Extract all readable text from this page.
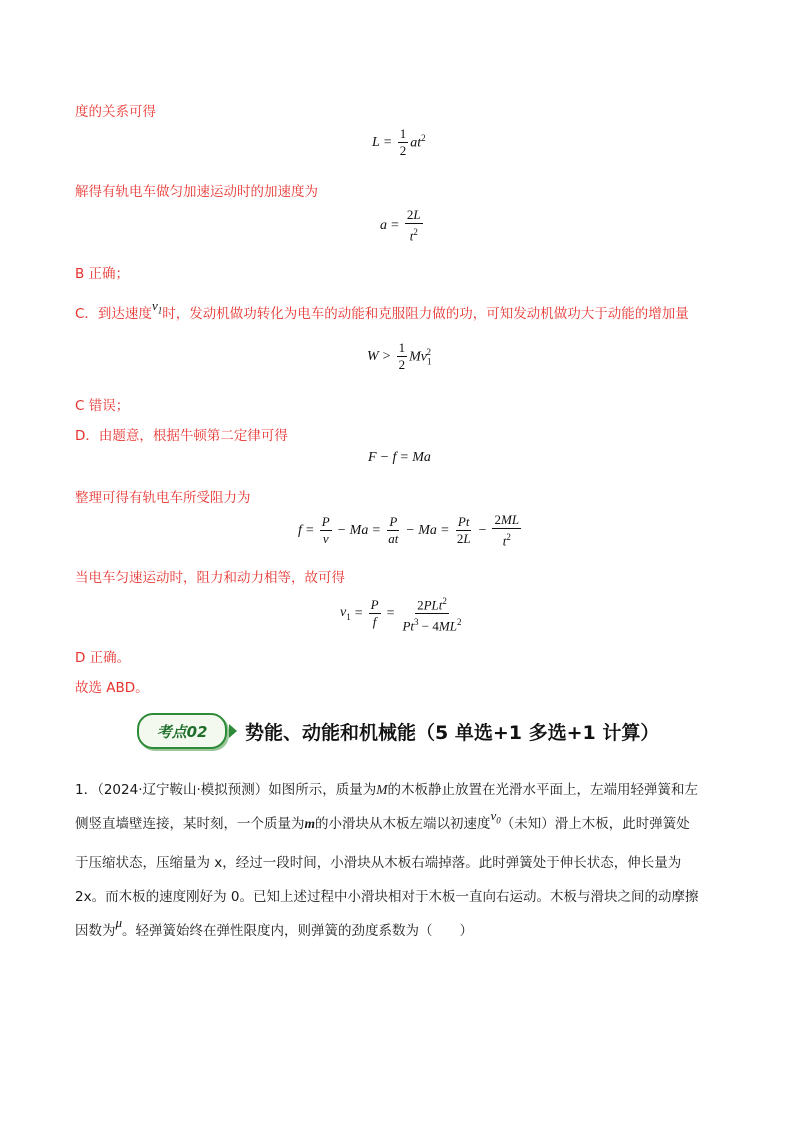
度的关系可得
$L = \frac{1}{2} at^2$
解得有轨电车做匀加速运动时的加速度为
$a = \frac{2L}{t^2}$
B 正确；
C．到达速度$v_1$时，发动机做功转化为电车的动能和克服阻力做的功，可知发动机做功大于动能的增加量
$W > \frac{1}{2} Mv_1^2$
C 错误；
D．由题意，根据牛顿第二定律可得
F − f = Ma
整理可得有轨电车所受阻力为
$f = \frac{P}{v} - Ma = \frac{P}{at} - Ma = \frac{Pt}{2L} - \frac{2ML}{t^2}$
当电车匀速运动时，阻力和动力相等，故可得
$v_1 = \frac{P}{f} = \frac{2PLt^2}{Pt^3 - 4ML^2}$
D 正确。
故选 ABD。
考点02	势能、动能和机械能（5 单选+1 多选+1 计算）
1．（2024·辽宁鞍山·模拟预测）如图所示，质量为M的木板静止放置在光滑水平面上，左端用轻弹簧和左
侧竖直墙壁连接，某时刻，一个质量为m的小滑块从木板左端以初速度$v_0$（未知）滑上木板，此时弹簧处
于压缩状态，压缩量为 x，经过一段时间，小滑块从木板右端掉落。此时弹簧处于伸长状态，伸长量为
2x。而木板的速度刚好为 0。已知上述过程中小滑块相对于木板一直向右运动。木板与滑块之间的动摩擦
因数为μ。轻弹簧始终在弹性限度内，则弹簧的劲度系数为（　　）
